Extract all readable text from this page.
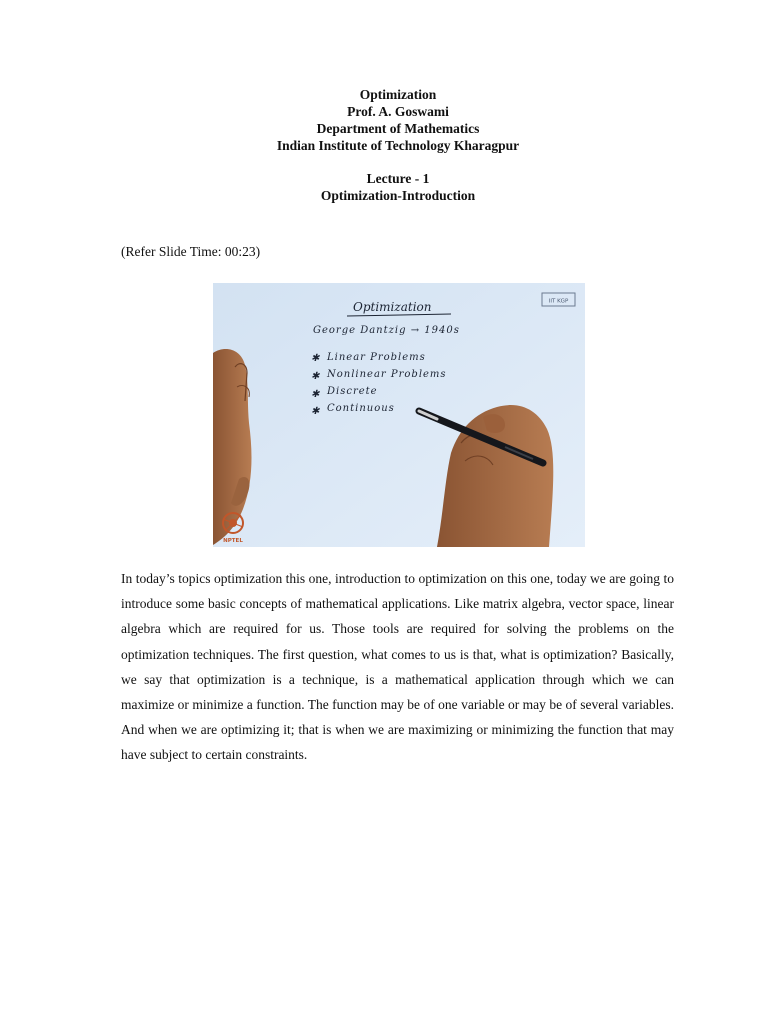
Optimization
Prof. A. Goswami
Department of Mathematics
Indian Institute of Technology Kharagpur
Lecture - 1
Optimization-Introduction
(Refer Slide Time: 00:23)
IIT KGP
Optimization
George Dantzig → 1940s
✱ Linear Problems
✱ Nonlinear Problems
✱ Discrete
✱ Continuous
NPTEL
In today’s topics optimization this one, introduction to optimization on this one, today we are going to introduce some basic concepts of mathematical applications. Like matrix algebra, vector space, linear algebra which are required for us. Those tools are required for solving the problems on the optimization techniques. The first question, what comes to us is that, what is optimization? Basically, we say that optimization is a technique, is a mathematical application through which we can maximize or minimize a function. The function may be of one variable or may be of several variables. And when we are optimizing it; that is when we are maximizing or minimizing the function that may have subject to certain constraints.
